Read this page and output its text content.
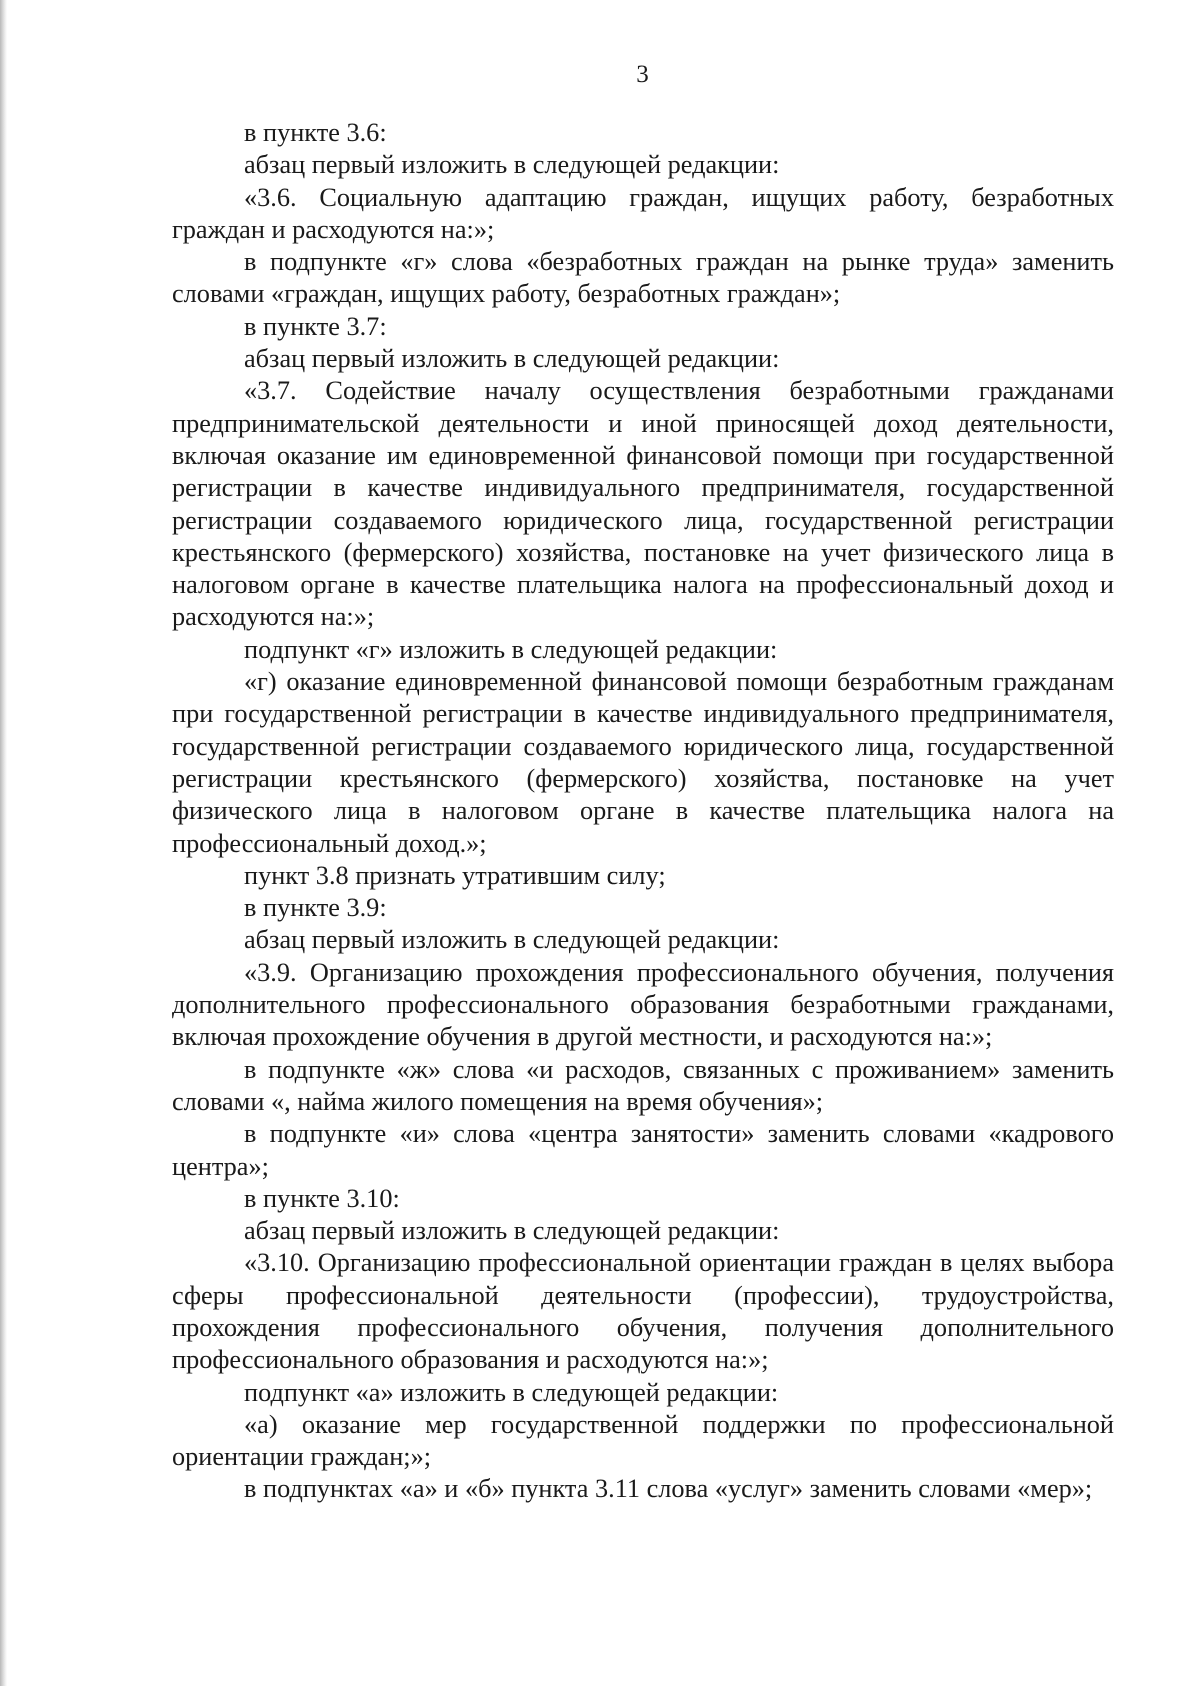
3

в пункте 3.6:

абзац первый изложить в следующей редакции:

«3.6. Социальную адаптацию граждан, ищущих работу, безработных граждан и расходуются на:»;

в подпункте «г» слова «безработных граждан на рынке труда» заменить словами «граждан, ищущих работу, безработных граждан»;

в пункте 3.7:

абзац первый изложить в следующей редакции:

«3.7. Содействие началу осуществления безработными гражданами предпринимательской деятельности и иной приносящей доход деятельности, включая оказание им единовременной финансовой помощи при государственной регистрации в качестве индивидуального предпринимателя, государственной регистрации создаваемого юридического лица, государственной регистрации крестьянского (фермерского) хозяйства, постановке на учет физического лица в налоговом органе в качестве плательщика налога на профессиональный доход и расходуются на:»;

подпункт «г» изложить в следующей редакции:

«г) оказание единовременной финансовой помощи безработным гражданам при государственной регистрации в качестве индивидуального предпринимателя, государственной регистрации создаваемого юридического лица, государственной регистрации крестьянского (фермерского) хозяйства, постановке на учет физического лица в налоговом органе в качестве плательщика налога на профессиональный доход.»;

пункт 3.8 признать утратившим силу;

в пункте 3.9:

абзац первый изложить в следующей редакции:

«3.9. Организацию прохождения профессионального обучения, получения дополнительного профессионального образования безработными гражданами, включая прохождение обучения в другой местности, и расходуются на:»;

в подпункте «ж» слова «и расходов, связанных с проживанием» заменить словами «, найма жилого помещения на время обучения»;

в подпункте «и» слова «центра занятости» заменить словами «кадрового центра»;

в пункте 3.10:

абзац первый изложить в следующей редакции:

«3.10. Организацию профессиональной ориентации граждан в целях выбора сферы профессиональной деятельности (профессии), трудоустройства, прохождения профессионального обучения, получения дополнительного профессионального образования и расходуются на:»;

подпункт «а» изложить в следующей редакции:

«а) оказание мер государственной поддержки по профессиональной ориентации граждан;»;

в подпунктах «а» и «б» пункта 3.11 слова «услуг» заменить словами «мер»;
